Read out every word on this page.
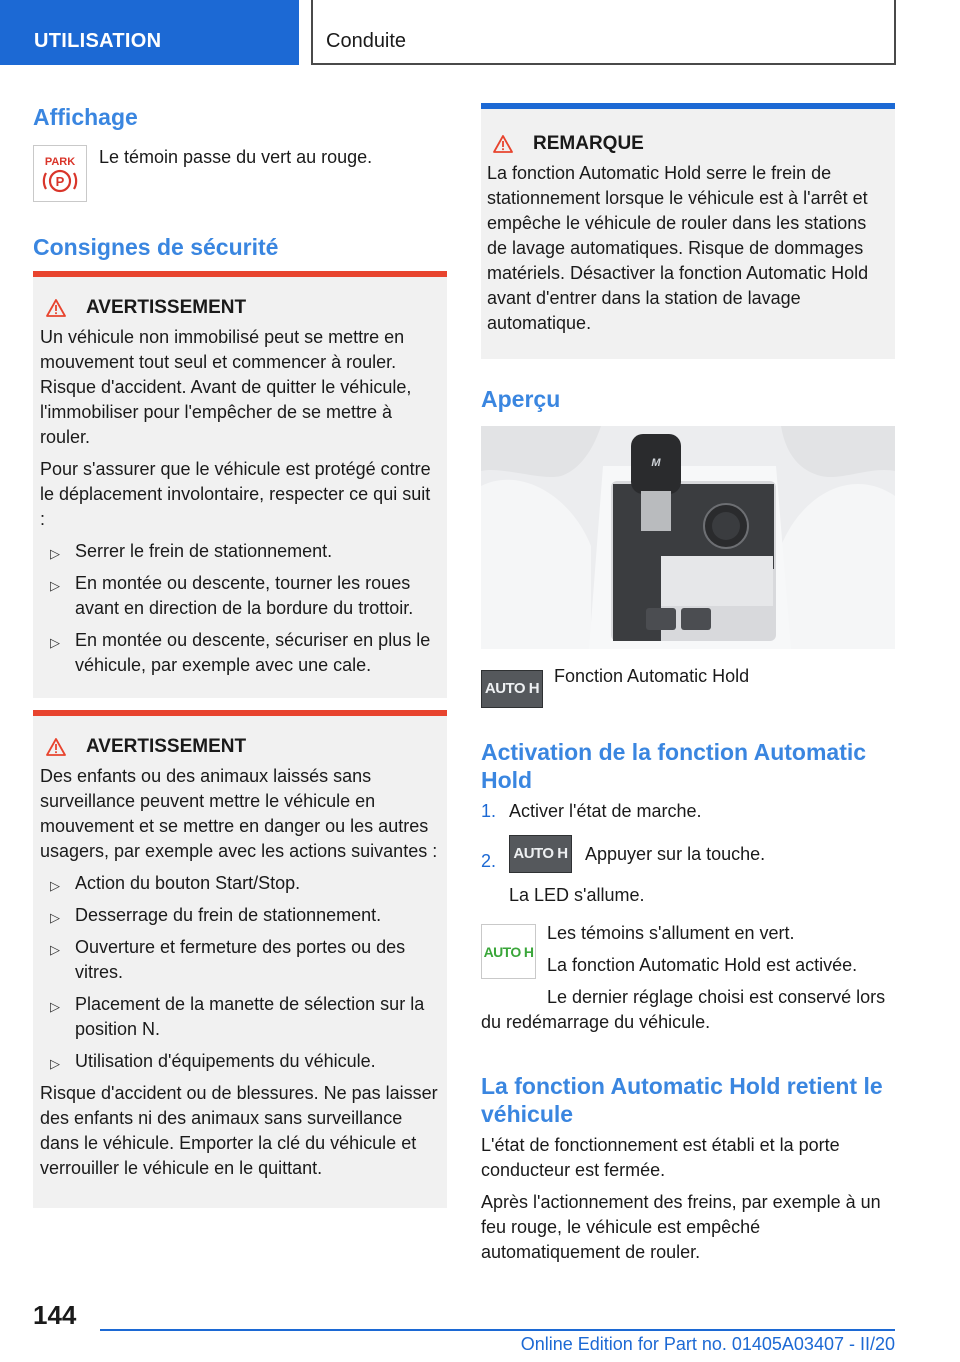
UTILISATION	Conduite
Affichage
PARK
P

Le témoin passe du vert au rouge.

Consignes de sécurité
AVERTISSEMENT

Un véhicule non immobilisé peut se mettre en mouvement tout seul et commencer à rouler. Risque d'accident. Avant de quitter le véhicule, l'immobiliser pour l'empêcher de se mettre à rouler.

Pour s'assurer que le véhicule est protégé contre le déplacement involontaire, respecter ce qui suit :

▷ Serrer le frein de stationnement.
▷ En montée ou descente, tourner les roues avant en direction de la bordure du trottoir.
▷ En montée ou descente, sécuriser en plus le véhicule, par exemple avec une cale.
AVERTISSEMENT

Des enfants ou des animaux laissés sans surveillance peuvent mettre le véhicule en mouvement et se mettre en danger ou les autres usagers, par exemple avec les actions suivantes :

▷ Action du bouton Start/Stop.
▷ Desserrage du frein de stationnement.
▷ Ouverture et fermeture des portes ou des vitres.
▷ Placement de la manette de sélection sur la position N.
▷ Utilisation d'équipements du véhicule.

Risque d'accident ou de blessures. Ne pas laisser des enfants ni des animaux sans surveillance dans le véhicule. Emporter la clé du véhicule et verrouiller le véhicule en le quittant.

REMARQUE

La fonction Automatic Hold serre le frein de stationnement lorsque le véhicule est à l'arrêt et empêche le véhicule de rouler dans les stations de lavage automatiques. Risque de dommages matériels. Désactiver la fonction Automatic Hold avant d'entrer dans la station de lavage automatique.

Aperçu
M
AUTO H

Fonction Automatic Hold

Activation de la fonction Automatic Hold
1. Activer l'état de marche.
2. AUTO H Appuyer sur la touche.

La LED s'allume.

AUTO H

Les témoins s'allument en vert.

La fonction Automatic Hold est activée.

Le dernier réglage choisi est conservé lors du redémarrage du véhicule.

La fonction Automatic Hold retient le véhicule

L'état de fonctionnement est établi et la porte conducteur est fermée.

Après l'actionnement des freins, par exemple à un feu rouge, le véhicule est empêché automatiquement de rouler.

144
Online Edition for Part no. 01405A03407 - II/20
